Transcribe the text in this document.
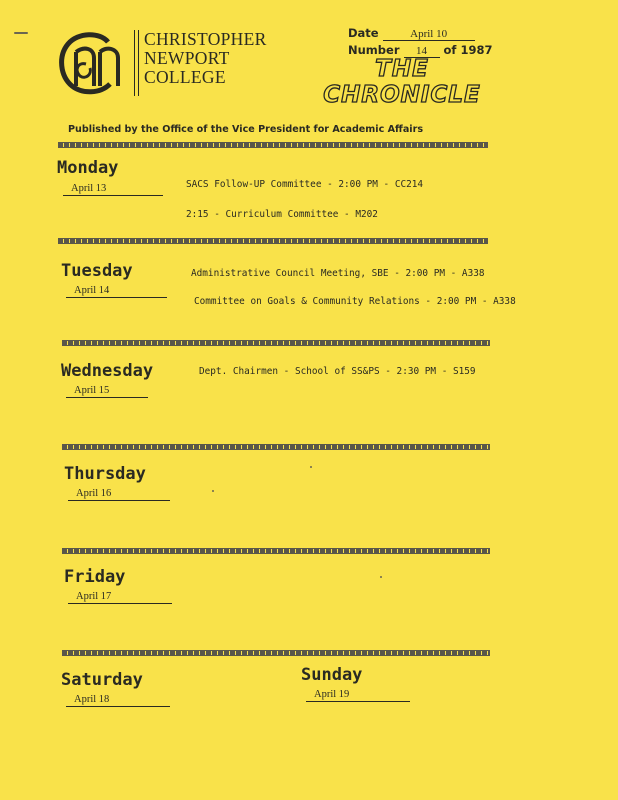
CHRISTOPHER
NEWPORT
COLLEGE
Date	April 10
Number 14 of 1987
THE
CHRONICLE
Published by the Office of the Vice President for Academic Affairs
Monday
April 13	SACS Follow-UP Committee - 2:00 PM - CC214
2:15 - Curriculum Committee - M202
Tuesday
April 14
Administrative Council Meeting, SBE - 2:00 PM - A338
Committee on Goals & Community Relations - 2:00 PM - A338
Wednesday
April 15
Dept. Chairmen - School of SS&PS - 2:30 PM - S159
Thursday
April 16
Friday
April 17
Saturday
April 18
Sunday
April 19
